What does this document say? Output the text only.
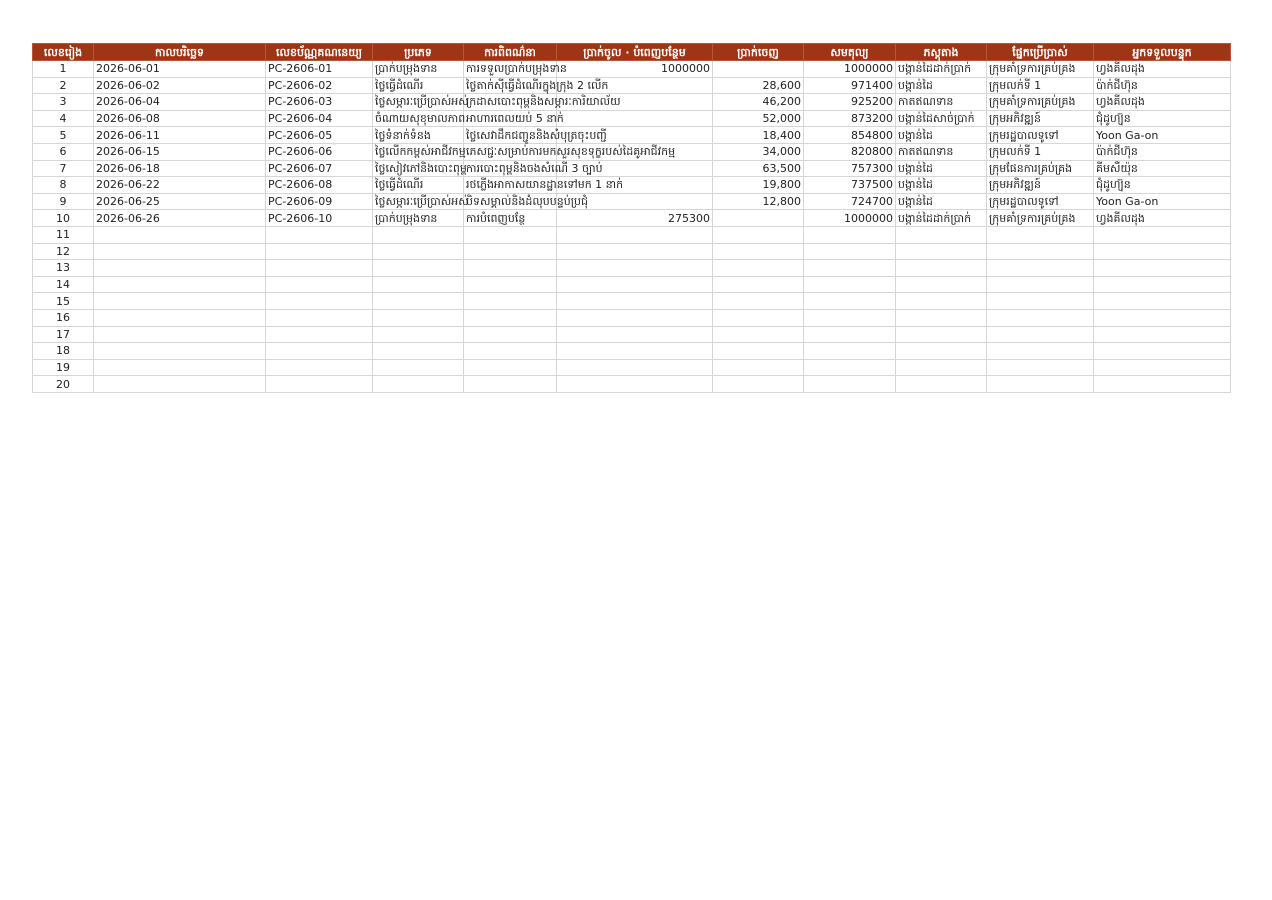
លេខរៀង	កាលបរិច្ឆេទ	លេខប័ណ្ណគណនេយ្យ	ប្រភេទ	ការពិពណ៌នា	ប្រាក់ចូល · បំពេញបន្ថែម	ប្រាក់ចេញ	សមតុល្យ	ភស្តុតាង	ផ្នែកប្រើប្រាស់	អ្នកទទួលបន្ទុក
1	2026-06-01	PC-2606-01	ប្រាក់បម្រុងទាន	ការទទួលប្រាក់បម្រុងទាន	1000000		1000000	បង្កាន់ដៃដាក់ប្រាក់	ក្រុមគាំទ្រការគ្រប់គ្រង	ហ្វងគីលដុង
2	2026-06-02	PC-2606-02	ថ្លៃធ្វើដំណើរ	ថ្លៃតាក់ស៊ីធ្វើដំណើរក្នុងក្រុង 2 លើក		28,600	971400	បង្កាន់ដៃ	ក្រុមលក់ទី 1	ប៉ាក់ជីហ៊ុន
3	2026-06-04	PC-2606-03	ថ្លៃសម្ភារៈប្រើប្រាស់អស់	ក្រដាសបោះពុម្ពនិងសម្ភារៈការិយាល័យ		46,200	925200	កាតឥណទាន	ក្រុមគាំទ្រការគ្រប់គ្រង	ហ្វងគីលដុង
4	2026-06-08	PC-2606-04	ចំណាយសុខុមាលភាព	អាហារពេលយប់ 5 នាក់		52,000	873200	បង្កាន់ដៃសាច់ប្រាក់	ក្រុមអភិវឌ្ឍន៍	ជុំដូហ្យ៊ុន
5	2026-06-11	PC-2606-05	ថ្លៃទំនាក់ទំនង	ថ្លៃសេវាដឹកជញ្ជូននិងសំបុត្រចុះបញ្ជី		18,400	854800	បង្កាន់ដៃ	ក្រុមរដ្ឋបាលទូទៅ	Yoon Ga-on
6	2026-06-15	PC-2606-06	ថ្លៃលើកកម្ពស់អាជីវកម្ម	ភេសជ្ជៈសម្រាប់ការមកសួរសុខទុក្ខរបស់ដៃគូអាជីវកម្ម		34,000	820800	កាតឥណទាន	ក្រុមលក់ទី 1	ប៉ាក់ជីហ៊ុន
7	2026-06-18	PC-2606-07	ថ្លៃសៀវភៅនិងបោះពុម្ព	ការបោះពុម្ពនិងចងសំណើ 3 ច្បាប់		63,500	757300	បង្កាន់ដៃ	ក្រុមផែនការគ្រប់គ្រង	គីមសឺយ៉ុន
8	2026-06-22	PC-2606-08	ថ្លៃធ្វើដំណើរ	រថភ្លើងអាកាសយានដ្ឋានទៅមក 1 នាក់		19,800	737500	បង្កាន់ដៃ	ក្រុមអភិវឌ្ឍន៍	ជុំដូហ្យ៊ុន
9	2026-06-25	PC-2606-09	ថ្លៃសម្ភារៈប្រើប្រាស់អស់	បិទសម្គាល់និងដំលុបបន្ទប់ប្រជុំ		12,800	724700	បង្កាន់ដៃ	ក្រុមរដ្ឋបាលទូទៅ	Yoon Ga-on
10	2026-06-26	PC-2606-10	ប្រាក់បម្រុងទាន	ការបំពេញបន្ថែ	275300		1000000	បង្កាន់ដៃដាក់ប្រាក់	ក្រុមគាំទ្រការគ្រប់គ្រង	ហ្វងគីលដុង
11										
12										
13										
14										
15										
16										
17										
18										
19										
20										
